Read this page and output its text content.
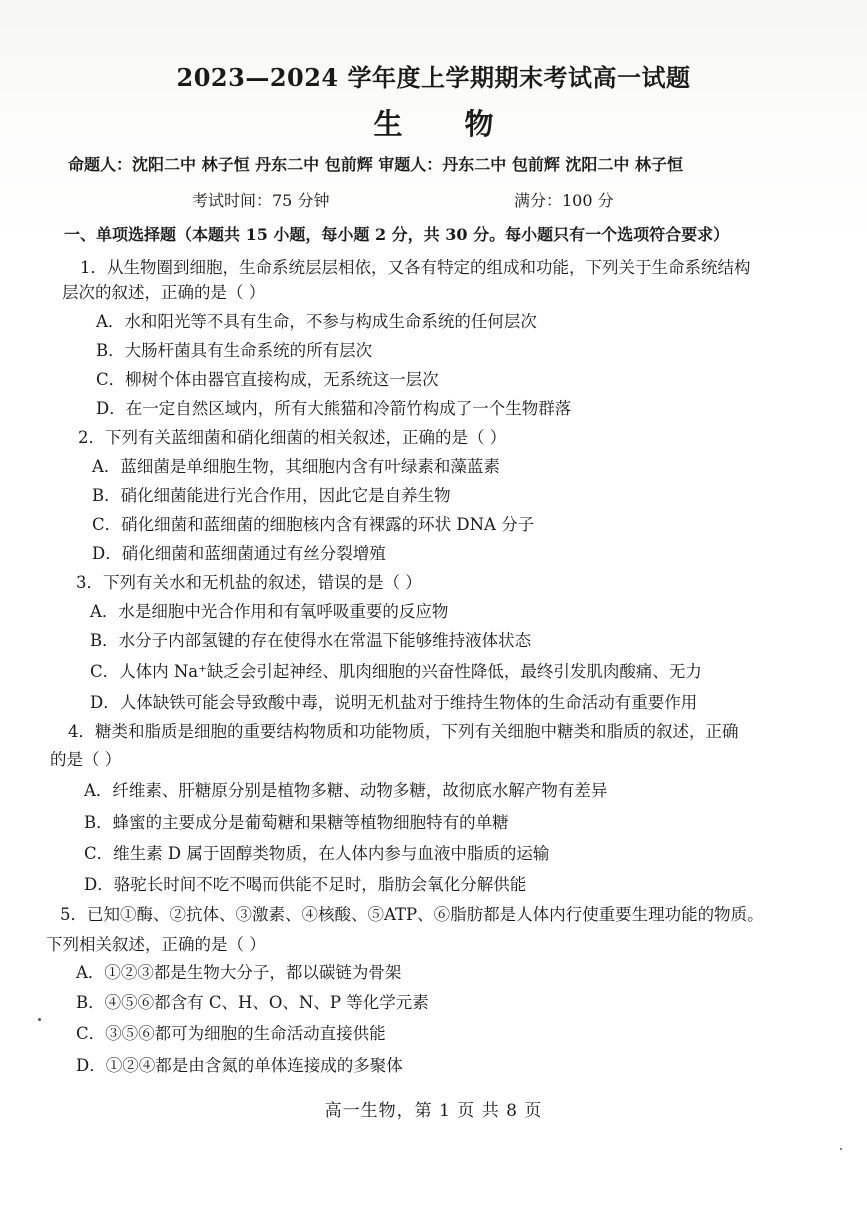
2023—2024 学年度上学期期末考试高一试题
生 物
命题人：沈阳二中 林子恒 丹东二中 包前辉 审题人：丹东二中 包前辉 沈阳二中 林子恒
考试时间：75 分钟	满分：100 分
一、单项选择题（本题共 15 小题，每小题 2 分，共 30 分。每小题只有一个选项符合要求）
1．从生物圈到细胞，生命系统层层相依，又各有特定的组成和功能，下列关于生命系统结构
层次的叙述，正确的是（ ）
A．水和阳光等不具有生命，不参与构成生命系统的任何层次
B．大肠杆菌具有生命系统的所有层次
C．柳树个体由器官直接构成，无系统这一层次
D．在一定自然区域内，所有大熊猫和冷箭竹构成了一个生物群落
2．下列有关蓝细菌和硝化细菌的相关叙述，正确的是（ ）
A．蓝细菌是单细胞生物，其细胞内含有叶绿素和藻蓝素
B．硝化细菌能进行光合作用，因此它是自养生物
C．硝化细菌和蓝细菌的细胞核内含有裸露的环状 DNA 分子
D．硝化细菌和蓝细菌通过有丝分裂增殖
3．下列有关水和无机盐的叙述，错误的是（ ）
A．水是细胞中光合作用和有氧呼吸重要的反应物
B．水分子内部氢键的存在使得水在常温下能够维持液体状态
C．人体内 Na⁺缺乏会引起神经、肌肉细胞的兴奋性降低，最终引发肌肉酸痛、无力
D．人体缺铁可能会导致酸中毒，说明无机盐对于维持生物体的生命活动有重要作用
4．糖类和脂质是细胞的重要结构物质和功能物质，下列有关细胞中糖类和脂质的叙述，正确
的是（ ）
A．纤维素、肝糖原分别是植物多糖、动物多糖，故彻底水解产物有差异
B．蜂蜜的主要成分是葡萄糖和果糖等植物细胞特有的单糖
C．维生素 D 属于固醇类物质，在人体内参与血液中脂质的运输
D．骆驼长时间不吃不喝而供能不足时，脂肪会氧化分解供能
5．已知①酶、②抗体、③激素、④核酸、⑤ATP、⑥脂肪都是人体内行使重要生理功能的物质。
下列相关叙述，正确的是（ ）
A．①②③都是生物大分子，都以碳链为骨架
B．④⑤⑥都含有 C、H、O、N、P 等化学元素
C．③⑤⑥都可为细胞的生命活动直接供能
D．①②④都是由含氮的单体连接成的多聚体
高一生物，第 1 页 共 8 页
